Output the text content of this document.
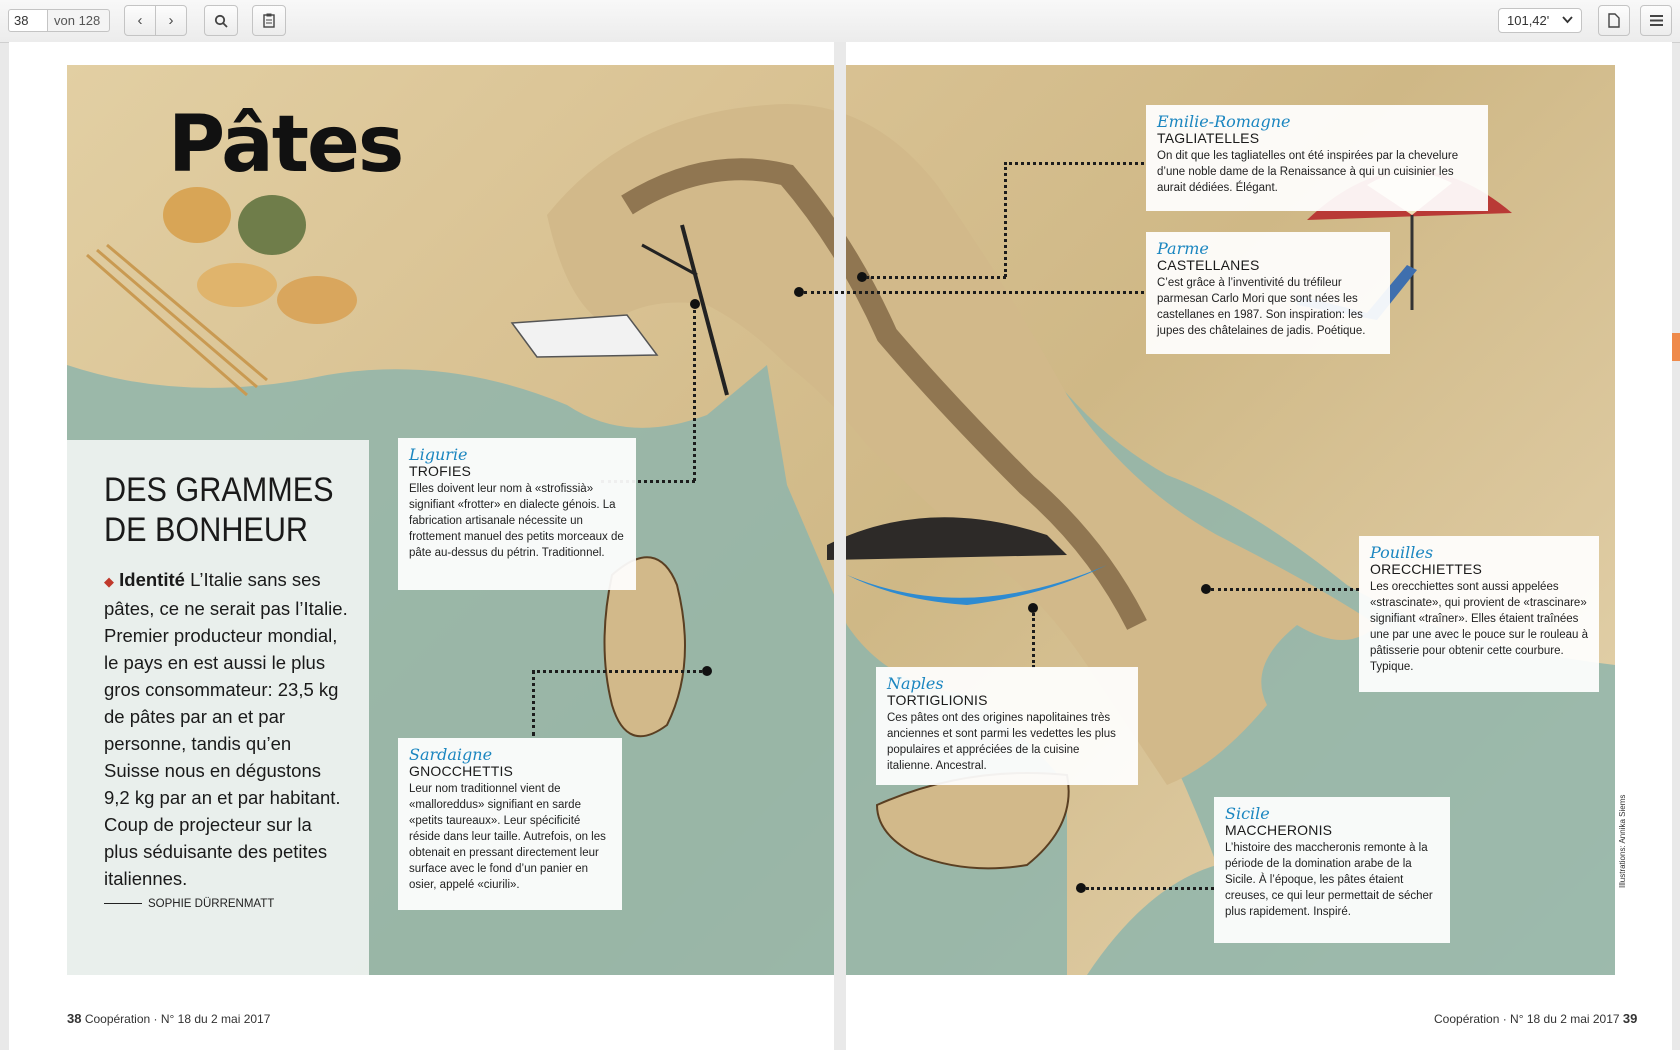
38	von 128	‹ ›	101,42'
Pâtes
DES GRAMMES
DE BONHEUR
◆ Identité L’Italie sans ses pâtes, ce ne serait pas l’Italie. Premier producteur mondial, le pays en est aussi le plus gros consommateur: 23,5 kg de pâtes par an et par personne, tandis qu’en Suisse nous en dégustons 9,2 kg par an et par habitant. Coup de projecteur sur la plus séduisante des petites italiennes.
SOPHIE DÜRRENMATT
Ligurie
TROFIES
Elles doivent leur nom à «strofissià» signifiant «frotter» en dialecte génois. La fabrication artisanale nécessite un frottement manuel des petits morceaux de pâte au-dessus du pétrin. Traditionnel.
Sardaigne
GNOCCHETTIS
Leur nom traditionnel vient de «malloreddus» signifiant en sarde «petits taureaux». Leur spécificité réside dans leur taille. Autrefois, on les obtenait en pressant directement leur surface avec le fond d’un panier en osier, appelé «ciurili».
Emilie-Romagne
TAGLIATELLES
On dit que les tagliatelles ont été inspirées par la chevelure d’une noble dame de la Renaissance à qui un cuisinier les aurait dédiées. Élégant.
Parme
CASTELLANES
C’est grâce à l’inventivité du tréfileur parmesan Carlo Mori que sont nées les castellanes en 1987. Son inspiration: les jupes des châtelaines de jadis. Poétique.
Pouilles
ORECCHIETTES
Les orecchiettes sont aussi appelées «strascinate», qui provient de «trascinare» signifiant «traîner». Elles étaient traînées une par une avec le pouce sur le rouleau à pâtisserie pour obtenir cette courbure. Typique.
Naples
TORTIGLIONIS
Ces pâtes ont des origines napolitaines très anciennes et sont parmi les vedettes les plus populaires et appréciées de la cuisine italienne. Ancestral.
Sicile
MACCHERONIS
L’histoire des maccheronis remonte à la période de la domination arabe de la Sicile. À l’époque, les pâtes étaient creuses, ce qui leur permettait de sécher plus rapidement. Inspiré.
Illustrations: Annika Siems
38 Coopération · N° 18 du 2 mai 2017	Coopération · N° 18 du 2 mai 2017 39
